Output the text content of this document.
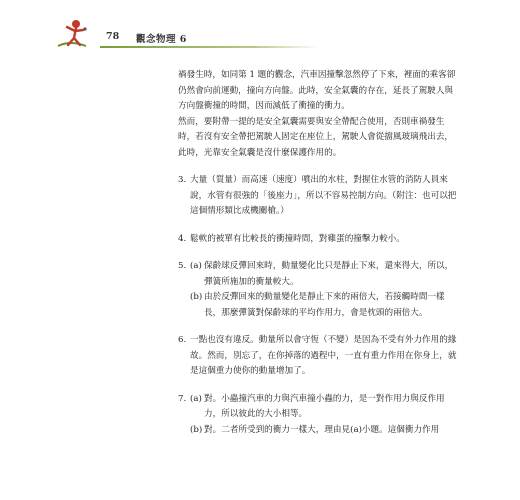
78 觀念物理 6

禍發生時，如同第 1 題的觀念，汽車因撞擊忽然停了下來，裡面的乘客卻仍然會向前運動，撞向方向盤。此時，安全氣囊的存在，延長了駕駛人與方向盤衝撞的時間，因而減低了衝撞的衝力。

然而，要附帶一提的是安全氣囊需要與安全帶配合使用，否則車禍發生時，若沒有安全帶把駕駛人固定在座位上，駕駛人會從擋風玻璃飛出去，此時，光靠安全氣囊是沒什麼保護作用的。

3. 大量（質量）而高速（速度）噴出的水柱，對握住水管的消防人員來說，水管有很強的「後座力」，所以不容易控制方向。（附注：也可以把這個情形類比成機關槍。）
4. 鬆軟的被單有比較長的衝撞時間，對雞蛋的撞擊力較小。
5. (a) 保齡球反彈回來時，動量變化比只是靜止下來，還來得大，所以，彈簧所施加的衝量較大。
(b) 由於反彈回來的動量變化是靜止下來的兩倍大，若接觸時間一樣長，那麼彈簧對保齡球的平均作用力，會是枕頭的兩倍大。
6. 一點也沒有違反。動量所以會守恆（不變）是因為不受有外力作用的緣故。然而，別忘了，在你掉落的過程中，一直有重力作用在你身上，就是這個重力使你的動量增加了。
7. (a) 對。小蟲撞汽車的力與汽車撞小蟲的力，是一對作用力與反作用力，所以彼此的大小相等。
(b) 對。二者所受到的衝力一樣大，理由見(a)小題。這個衝力作用
